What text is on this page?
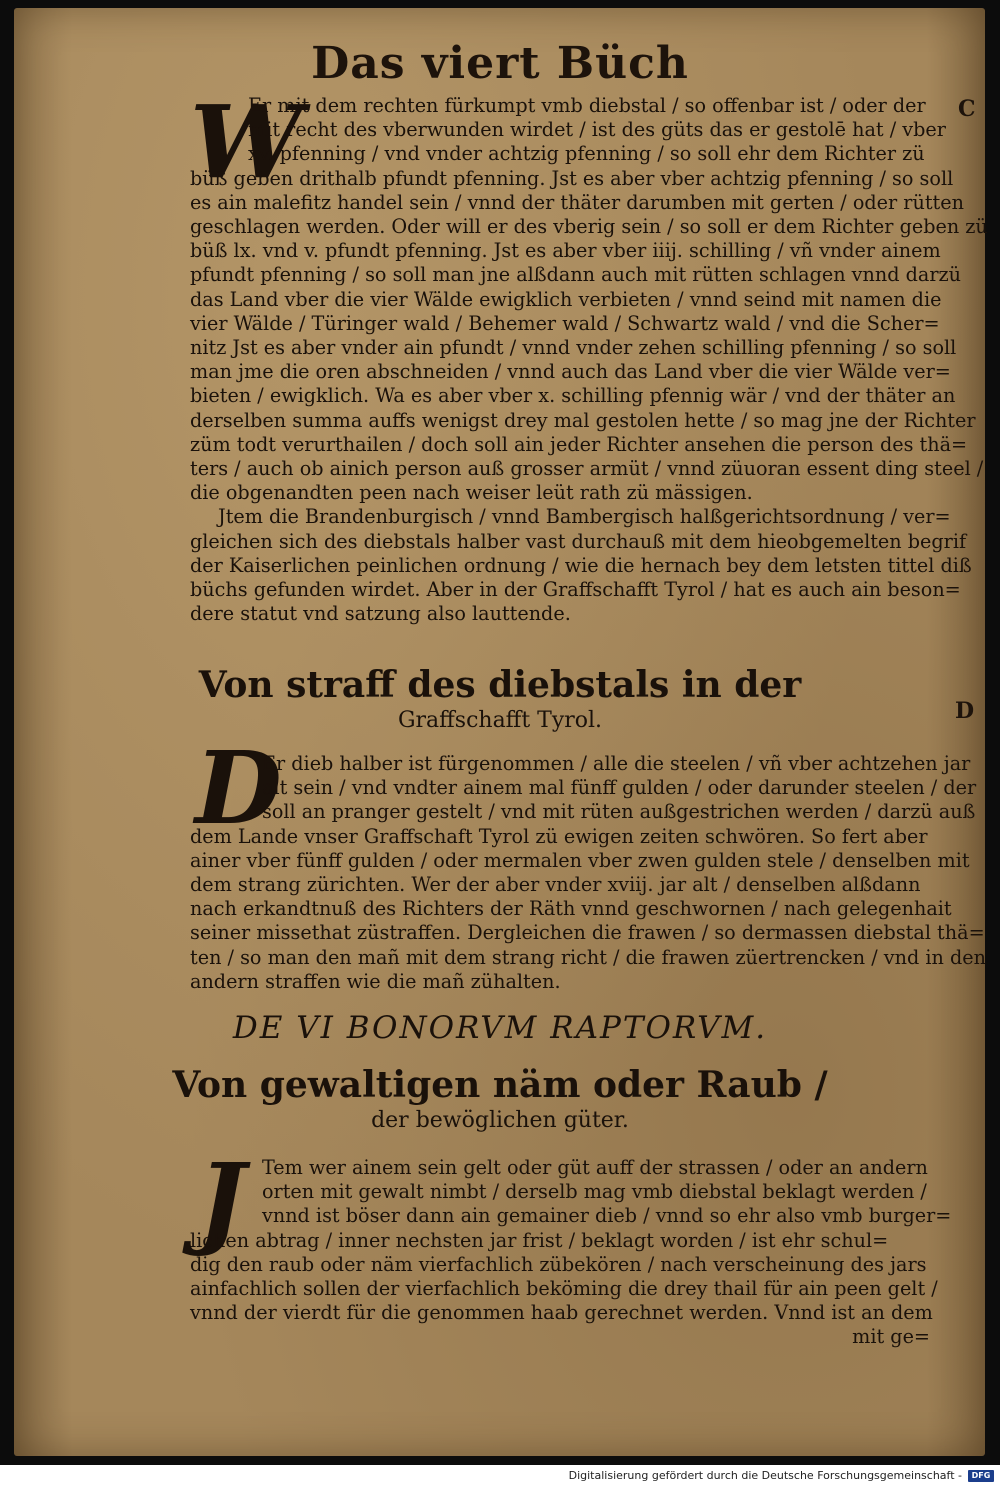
Das viert Büch
C
D
W

Er mit dem rechten fürkumpt vmb diebstal / so offenbar ist / oder der

mit recht des vberwunden wirdet / ist des güts das er gestolē hat / vber

xv. pfenning / vnd vnder achtzig pfenning / so soll ehr dem Richter zü

büß geben drithalb pfundt pfenning. Jst es aber vber achtzig pfenning / so soll

es ain malefitz handel sein / vnnd der thäter darumben mit gerten / oder rütten

geschlagen werden. Oder will er des vberig sein / so soll er dem Richter geben zü

büß lx. vnd v. pfundt pfenning. Jst es aber vber iiij. schilling / vñ vnder ainem

pfundt pfenning / so soll man jne alßdann auch mit rütten schlagen vnnd darzü

das Land vber die vier Wälde ewigklich verbieten / vnnd seind mit namen die

vier Wälde / Türinger wald / Behemer wald / Schwartz wald / vnd die Scher=

nitz Jst es aber vnder ain pfundt / vnnd vnder zehen schilling pfenning / so soll

man jme die oren abschneiden / vnnd auch das Land vber die vier Wälde ver=

bieten / ewigklich. Wa es aber vber x. schilling pfennig wär / vnd der thäter an

derselben summa auffs wenigst drey mal gestolen hette / so mag jne der Richter

züm todt verurthailen / doch soll ain jeder Richter ansehen die person des thä=

ters / auch ob ainich person auß grosser armüt / vnnd züuoran essent ding steel /

die obgenandten peen nach weiser leüt rath zü mässigen.

Jtem die Brandenburgisch / vnnd Bambergisch halßgerichtsordnung / ver=

gleichen sich des diebstals halber vast durchauß mit dem hieobgemelten begrif

der Kaiserlichen peinlichen ordnung / wie die hernach bey dem letsten tittel diß

büchs gefunden wirdet. Aber in der Graffschafft Tyrol / hat es auch ain beson=

dere statut vnd satzung also lauttende.

Von straff des diebstals in der
Graffschafft Tyrol.
D

Er dieb halber ist fürgenommen / alle die steelen / vñ vber achtzehen jar

alt sein / vnd vndter ainem mal fünff gulden / oder darunder steelen / der

soll an pranger gestelt / vnd mit rüten außgestrichen werden / darzü auß

dem Lande vnser Graffschaft Tyrol zü ewigen zeiten schwören. So fert aber

ainer vber fünff gulden / oder mermalen vber zwen gulden stele / denselben mit

dem strang zürichten. Wer der aber vnder xviij. jar alt / denselben alßdann

nach erkandtnuß des Richters der Räth vnnd geschwornen / nach gelegenhait

seiner missethat züstraffen. Dergleichen die frawen / so dermassen diebstal thä=

ten / so man den mañ mit dem strang richt / die frawen züertrencken / vnd in den

andern straffen wie die mañ zühalten.

DE VI BONORVM RAPTORVM.
Von gewaltigen näm oder Raub /
der bewöglichen güter.
J Tem wer ainem sein gelt oder güt auff der strassen / oder an andern

orten mit gewalt nimbt / derselb mag vmb diebstal beklagt werden /

vnnd ist böser dann ain gemainer dieb / vnnd so ehr also vmb burger=

lichen abtrag / inner nechsten jar frist / beklagt worden / ist ehr schul=

dig den raub oder näm vierfachlich zübekören / nach verscheinung des jars

ainfachlich sollen der vierfachlich beköming die drey thail für ain peen gelt /

vnnd der vierdt für die genommen haab gerechnet werden. Vnnd ist an dem

mit ge=

Digitalisierung gefördert durch die Deutsche Forschungsgemeinschaft -	DFG
